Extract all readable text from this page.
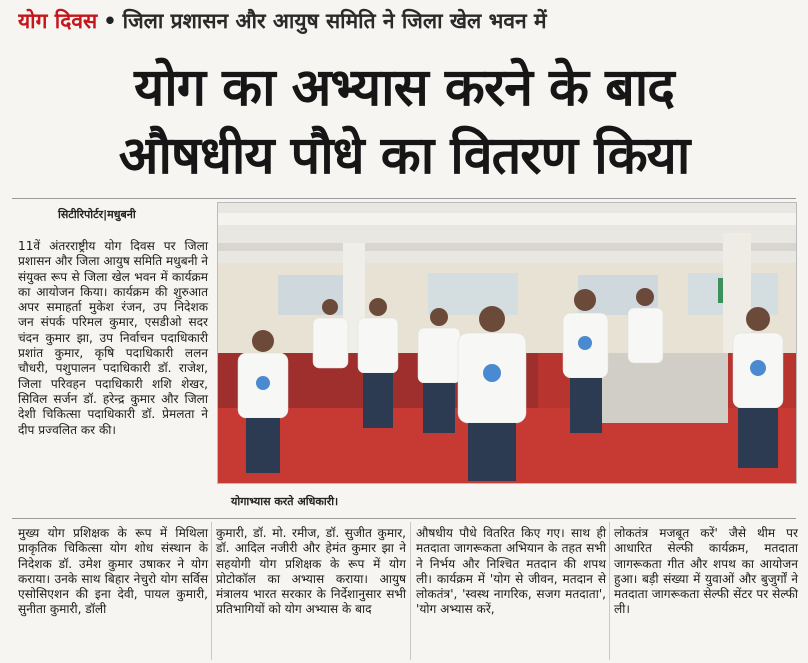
योग दिवस • जिला प्रशासन और आयुष समिति ने जिला खेल भवन में
योग का अभ्यास करने के बाद
औषधीय पौधे का वितरण किया
सिटीरिपोर्टर|मधुबनी

11वें अंतरराष्ट्रीय योग दिवस पर जिला प्रशासन और जिला आयुष समिति मधुबनी ने संयुक्त रूप से जिला खेल भवन में कार्यक्रम का आयोजन किया। कार्यक्रम की शुरुआत अपर समाहर्ता मुकेश रंजन, उप निदेशक जन संपर्क परिमल कुमार, एसडीओ सदर चंदन कुमार झा, उप निर्वाचन पदाधिकारी प्रशांत कुमार, कृषि पदाधिकारी ललन चौधरी, पशुपालन पदाधिकारी डॉ. राजेश, जिला परिवहन पदाधिकारी शशि शेखर, सिविल सर्जन डॉ. हरेन्द्र कुमार और जिला देशी चिकित्सा पदाधिकारी डॉ. प्रेमलता ने दीप प्रज्वलित कर की।

योगाभ्यास करते अधिकारी।

मुख्य योग प्रशिक्षक के रूप में मिथिला प्राकृतिक चिकित्सा योग शोध संस्थान के निदेशक डॉ. उमेश कुमार उषाकर ने योग कराया। उनके साथ बिहार नेचुरो योग सर्विस एसोसिएशन की इना देवी, पायल कुमारी, सुनीता कुमारी, डॉली

कुमारी, डॉ. मो. रमीज, डॉ. सुजीत कुमार, डॉ. आदिल नजीरी और हेमंत कुमार झा ने सहयोगी योग प्रशिक्षक के रूप में योग प्रोटोकॉल का अभ्यास कराया। आयुष मंत्रालय भारत सरकार के निर्देशानुसार सभी प्रतिभागियों को योग अभ्यास के बाद

औषधीय पौधे वितरित किए गए। साथ ही मतदाता जागरूकता अभियान के तहत सभी ने निर्भय और निश्चित मतदान की शपथ ली। कार्यक्रम में 'योग से जीवन, मतदान से लोकतंत्र', 'स्वस्थ नागरिक, सजग मतदाता', 'योग अभ्यास करें,

लोकतंत्र मजबूत करें' जैसे थीम पर आधारित सेल्फी कार्यक्रम, मतदाता जागरूकता गीत और शपथ का आयोजन हुआ। बड़ी संख्या में युवाओं और बुजुर्गों ने मतदाता जागरूकता सेल्फी सेंटर पर सेल्फी ली।
